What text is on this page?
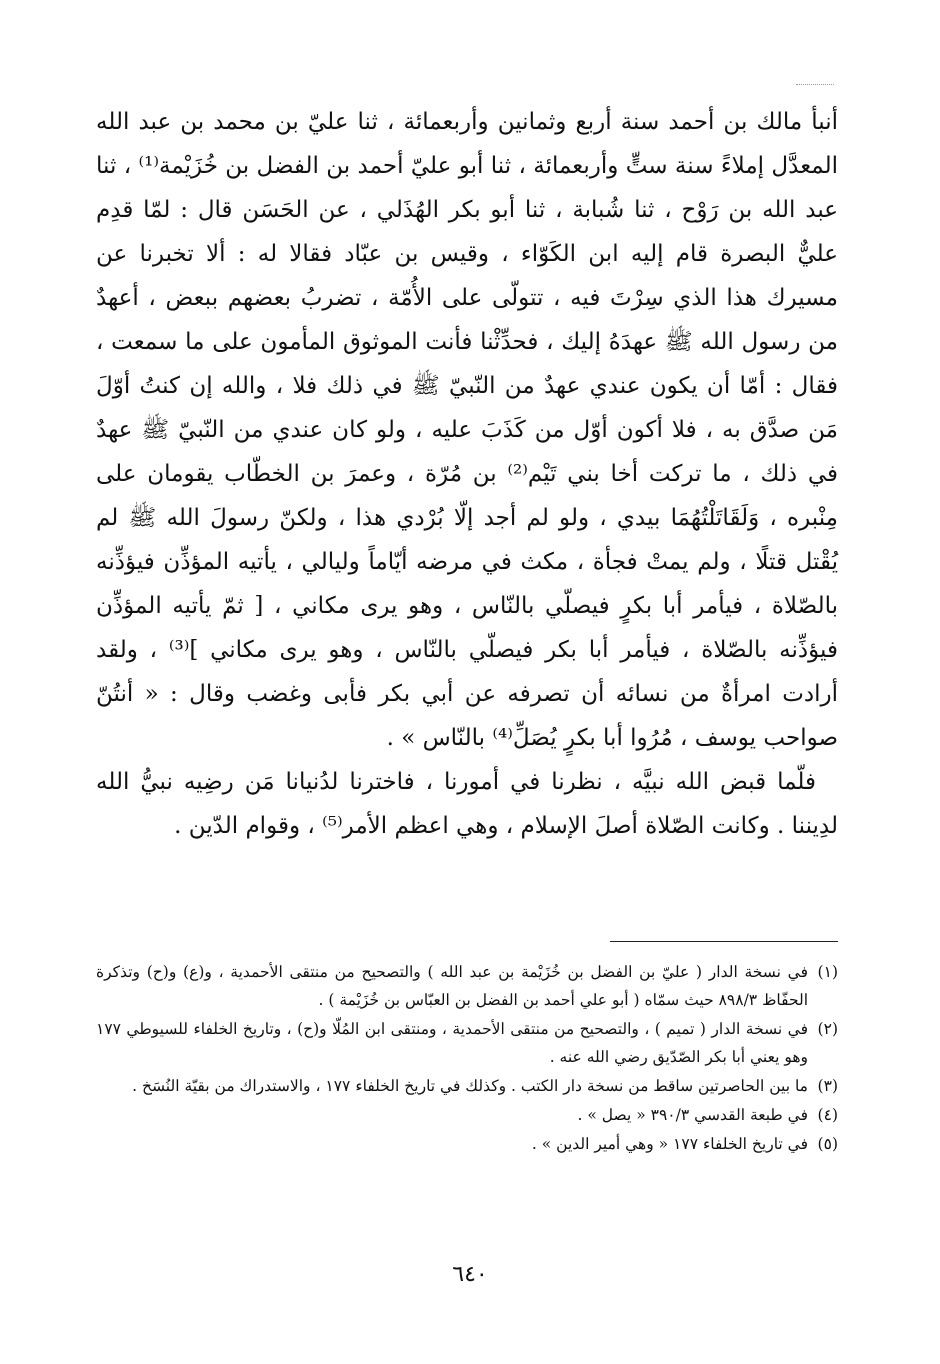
أنبأ مالك بن أحمد سنة أربع وثمانين وأربعمائة ، ثنا عليّ بن محمد بن عبد الله المعدَّل إملاءً سنة ستٍّ وأربعمائة ، ثنا أبو عليّ أحمد بن الفضل بن خُزَيْمة⁽¹⁾ ، ثنا عبد الله بن رَوْح ، ثنا شُبابة ، ثنا أبو بكر الهُذَلي ، عن الحَسَن قال : لمّا قدِم عليٌّ البصرة قام إليه ابن الكَوّاء ، وقيس بن عبّاد فقالا له : ألا تخبرنا عن مسيرك هذا الذي سِرْتَ فيه ، تتولّى على الأُمّة ، تضربُ بعضهم ببعض ، أعهدٌ من رسول الله ﷺ عهدَهُ إليك ، فحدِّثْنا فأنت الموثوق المأمون على ما سمعت ، فقال : أمّا أن يكون عندي عهدٌ من النّبيّ ﷺ في ذلك فلا ، والله إن كنتُ أوّلَ مَن صدَّق به ، فلا أكون أوّل من كَذَبَ عليه ، ولو كان عندي من النّبيّ ﷺ عهدٌ في ذلك ، ما تركت أخا بني تَيْم⁽²⁾ بن مُرّة ، وعمرَ بن الخطّاب يقومان على مِنْبره ، وَلَقَاتَلْتُهُمَا بيدي ، ولو لم أجد إلّا بُرْدي هذا ، ولكنّ رسولَ الله ﷺ لم يُقْتل قتلًا ، ولم يمتْ فجأة ، مكث في مرضه أيّاماً وليالي ، يأتيه المؤذِّن فيؤذِّنه بالصّلاة ، فيأمر أبا بكرٍ فيصلّي بالنّاس ، وهو يرى مكاني ، [ ثمّ يأتيه المؤذِّن فيؤذِّنه بالصّلاة ، فيأمر أبا بكر فيصلّي بالنّاس ، وهو يرى مكاني ]⁽³⁾ ، ولقد أرادت امرأةٌ من نسائه أن تصرفه عن أبي بكر فأبى وغضب وقال : « أنتُنّ صواحب يوسف ، مُرُوا أبا بكرٍ يُصَلِّ⁽⁴⁾ بالنّاس » .

فلّما قبض الله نبيَّه ، نظرنا في أمورنا ، فاخترنا لدُنيانا مَن رضِيه نبيُّ الله لدِيننا . وكانت الصّلاة أصلَ الإسلام ، وهي اعظم الأمر⁽⁵⁾ ، وقوام الدّين .

(١)في نسخة الدار ( عليّ بن الفضل بن خُزَيْمة بن عبد الله ) والتصحيح من منتقى الأحمدية ، و(ع) و(ح) وتذكرة الحفّاظ ٨٩٨/٣ حيث سمّاه ( أبو علي أحمد بن الفضل بن العبّاس بن خُزَيْمة ) .

(٢)في نسخة الدار ( تميم ) ، والتصحيح من منتقى الأحمدية ، ومنتقى ابن المُلّا و(ح) ، وتاريخ الخلفاء للسيوطي ١٧٧ وهو يعني أبا بكر الصّدّيق رضي الله عنه .

(٣)ما بين الحاصرتين ساقط من نسخة دار الكتب . وكذلك في تاريخ الخلفاء ١٧٧ ، والاستدراك من بقيّة النُسَخ .

(٤)في طبعة القدسي ٣٩٠/٣ « يصل » .

(٥)في تاريخ الخلفاء ١٧٧ « وهي أمير الدين » .

٦٤٠
